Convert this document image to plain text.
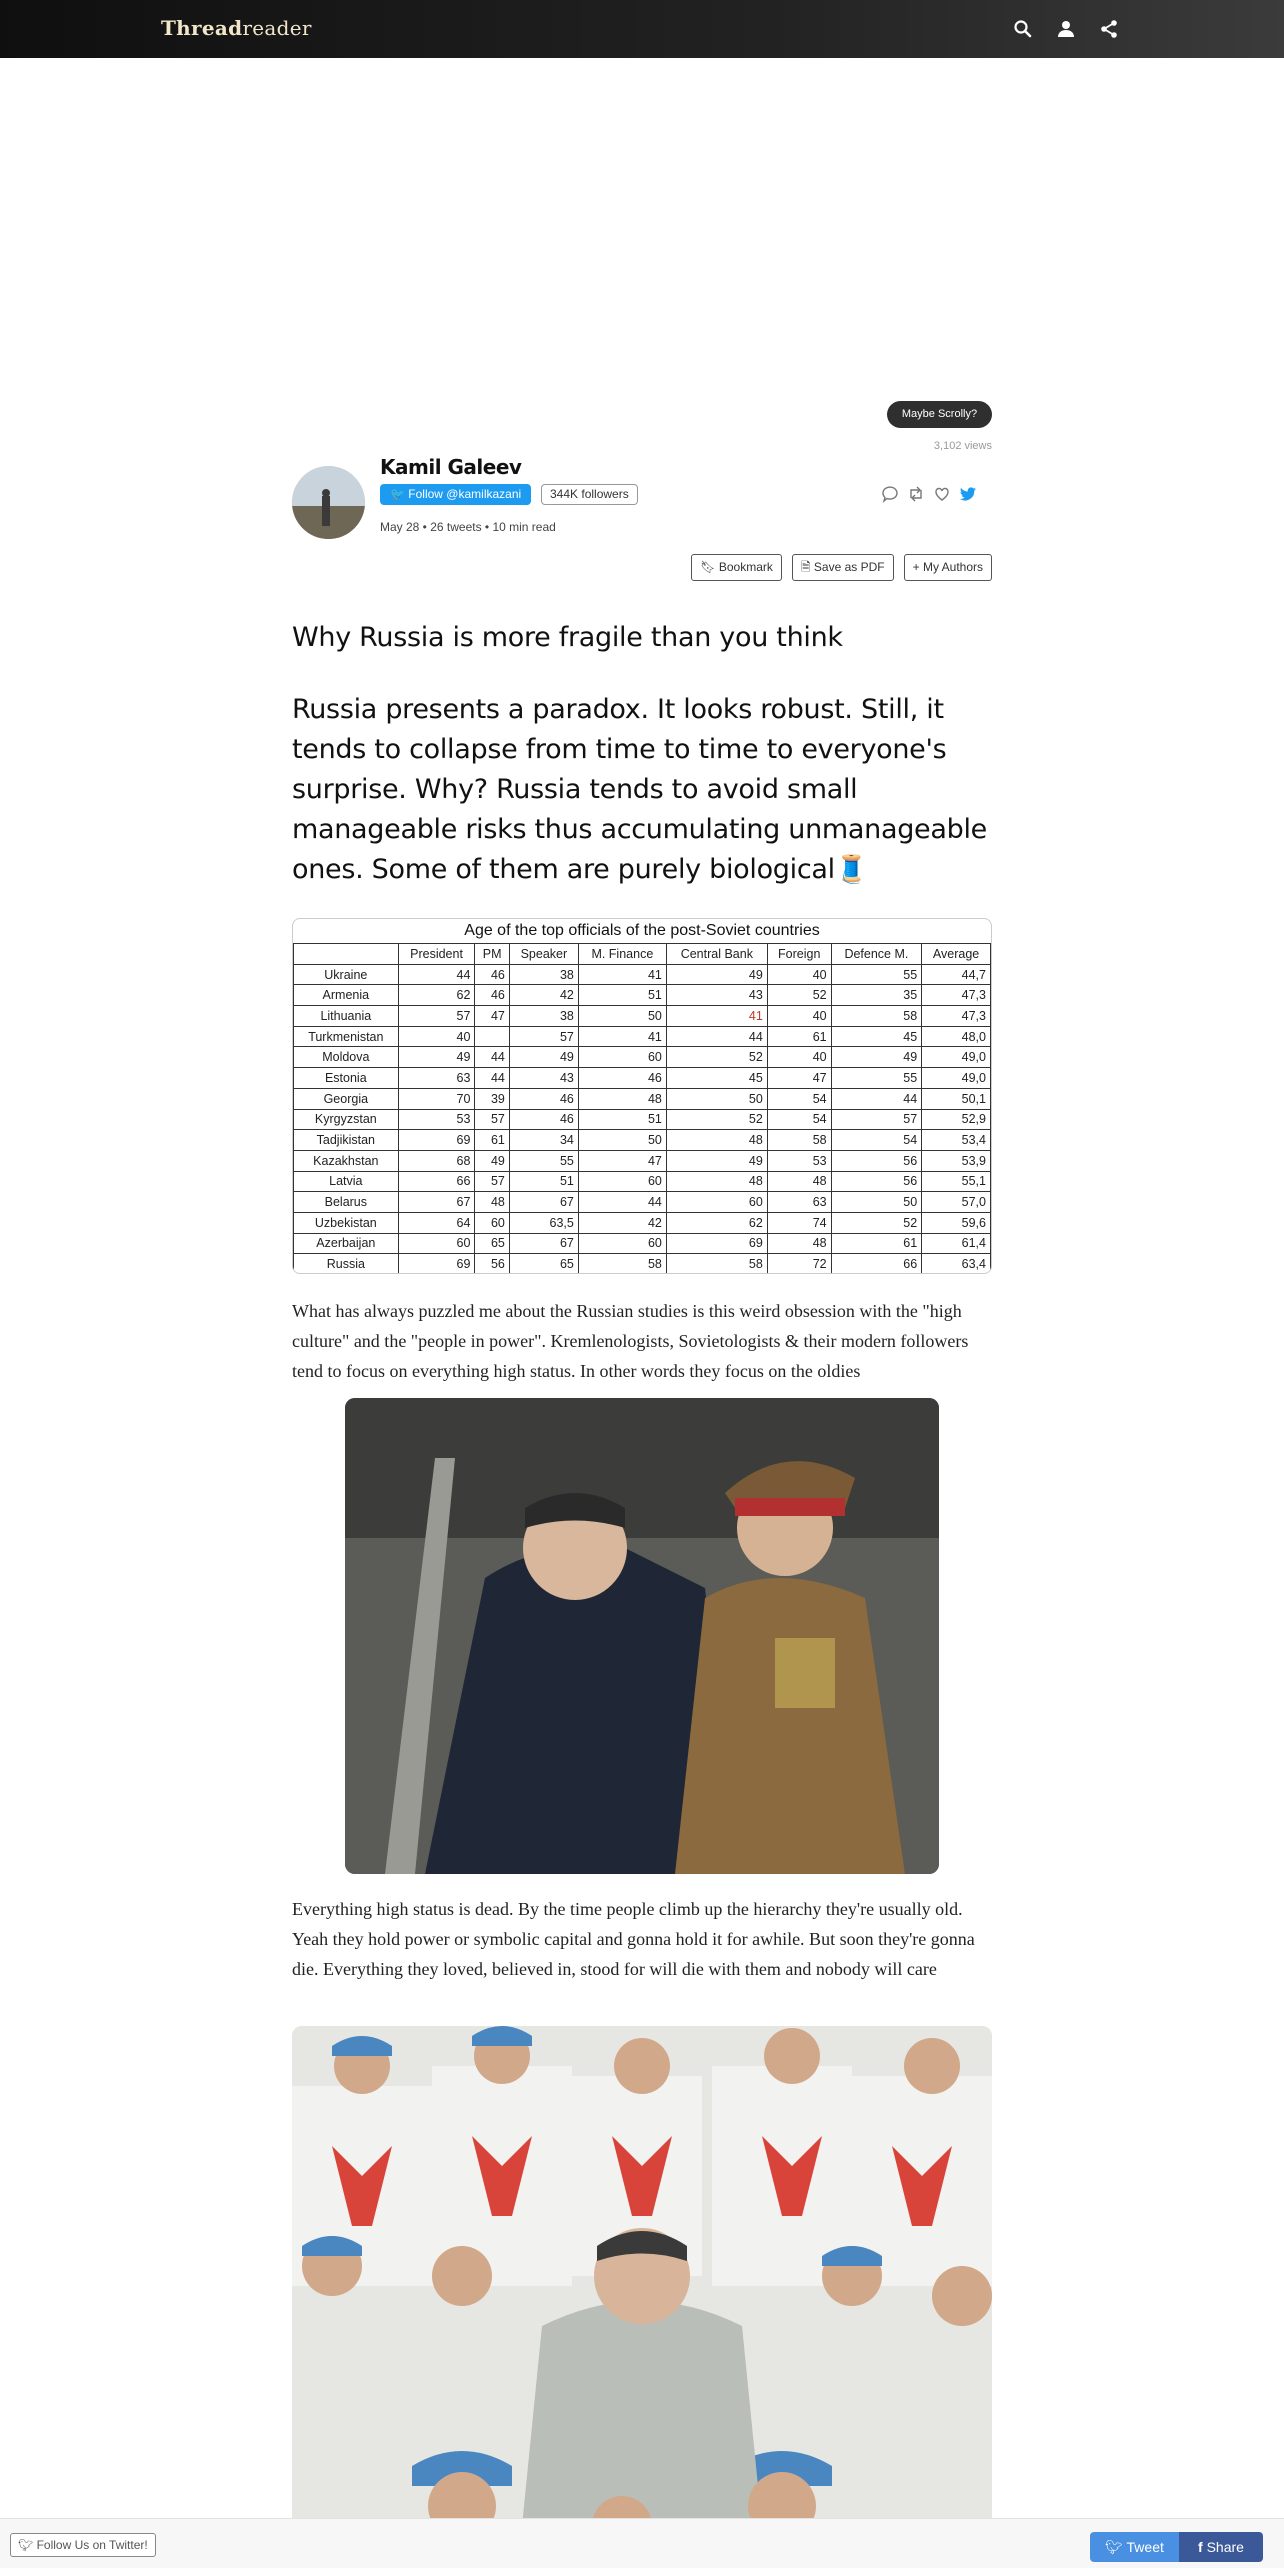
Threadreader
Maybe Scrolly?
3,102 views
Kamil Galeev
🐦 Follow @kamilkazani	344K followers
May 28 • 26 tweets • 10 min read
🔖︎ Bookmark	🗎 Save as PDF	+ My Authors
Why Russia is more fragile than you think
Russia presents a paradox. It looks robust. Still, it tends to collapse from time to time to everyone's surprise. Why? Russia tends to avoid small manageable risks thus accumulating unmanageable ones. Some of them are purely biological🧵
Age of the top officials of the post-Soviet countries
	President	PM	Speaker	M. Finance	Central Bank	Foreign	Defence M.	Average
Ukraine	44	46	38	41	49	40	55	44,7
Armenia	62	46	42	51	43	52	35	47,3
Lithuania	57	47	38	50	41	40	58	47,3
Turkmenistan	40		57	41	44	61	45	48,0
Moldova	49	44	49	60	52	40	49	49,0
Estonia	63	44	43	46	45	47	55	49,0
Georgia	70	39	46	48	50	54	44	50,1
Kyrgyzstan	53	57	46	51	52	54	57	52,9
Tadjikistan	69	61	34	50	48	58	54	53,4
Kazakhstan	68	49	55	47	49	53	56	53,9
Latvia	66	57	51	60	48	48	56	55,1
Belarus	67	48	67	44	60	63	50	57,0
Uzbekistan	64	60	63,5	42	62	74	52	59,6
Azerbaijan	60	65	67	60	69	48	61	61,4
Russia	69	56	65	58	58	72	66	63,4
What has always puzzled me about the Russian studies is this weird obsession with the "high culture" and the "people in power". Kremlenologists, Sovietologists & their modern followers tend to focus on everything high status. In other words they focus on the oldies
Everything high status is dead. By the time people climb up the hierarchy they're usually old. Yeah they hold power or symbolic capital and gonna hold it for awhile. But soon they're gonna die. Everything they loved, believed in, stood for will die with them and nobody will care
🐦︎ Follow Us on Twitter!	🐦︎ Tweet	f Share
